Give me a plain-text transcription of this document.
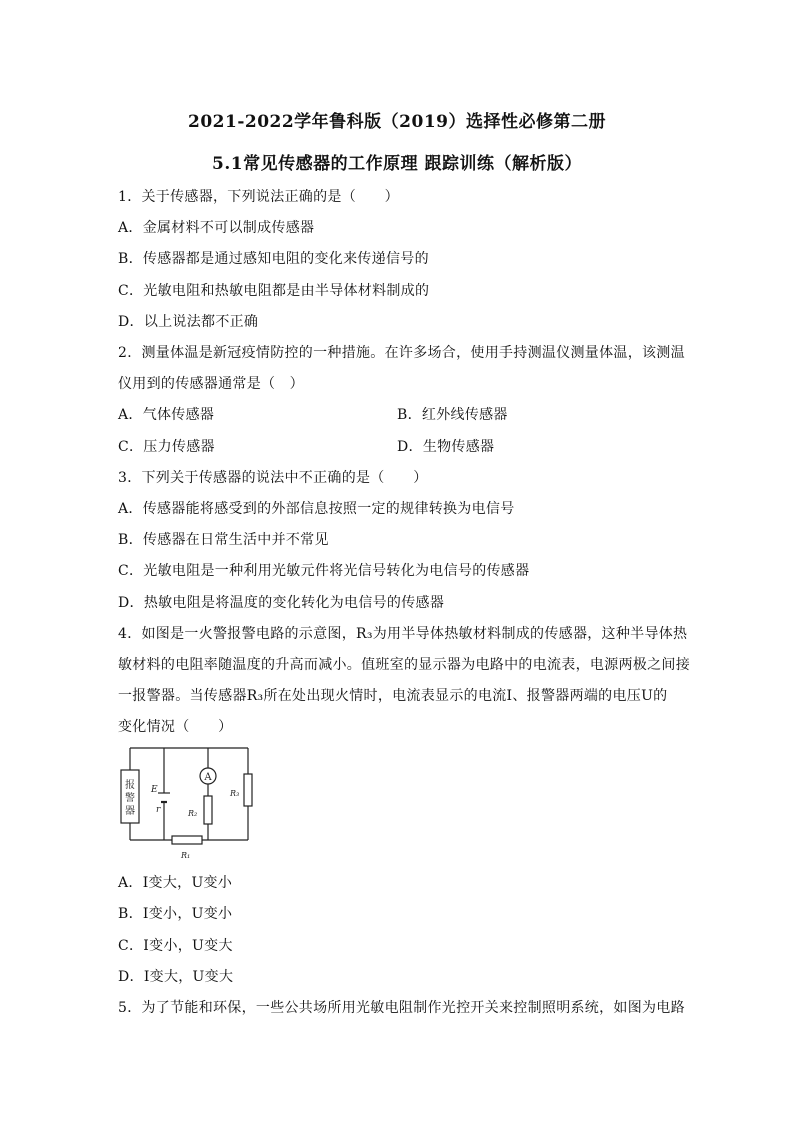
2021-2022学年鲁科版（2019）选择性必修第二册
5.1常见传感器的工作原理 跟踪训练（解析版）
1．关于传感器，下列说法正确的是（　　）
A．金属材料不可以制成传感器
B．传感器都是通过感知电阻的变化来传递信号的
C．光敏电阻和热敏电阻都是由半导体材料制成的
D．以上说法都不正确
2．测量体温是新冠疫情防控的一种措施。在许多场合，使用手持测温仪测量体温，该测温
仪用到的传感器通常是（　）
A．气体传感器	B．红外线传感器
C．压力传感器	D．生物传感器
3．下列关于传感器的说法中不正确的是（　　）
A．传感器能将感受到的外部信息按照一定的规律转换为电信号
B．传感器在日常生活中并不常见
C．光敏电阻是一种利用光敏元件将光信号转化为电信号的传感器
D．热敏电阻是将温度的变化转化为电信号的传感器
4．如图是一火警报警电路的示意图，R₃为用半导体热敏材料制成的传感器，这种半导体热
敏材料的电阻率随温度的升高而减小。值班室的显示器为电路中的电流表，电源两极之间接
一报警器。当传感器R₃所在处出现火情时，电流表显示的电流I、报警器两端的电压U的
变化情况（　　）
报
警
器
E
r
A
R₂
R₃
R₁
A．I变大，U变小
B．I变小，U变小
C．I变小，U变大
D．I变大，U变大
5．为了节能和环保，一些公共场所用光敏电阻制作光控开关来控制照明系统，如图为电路
